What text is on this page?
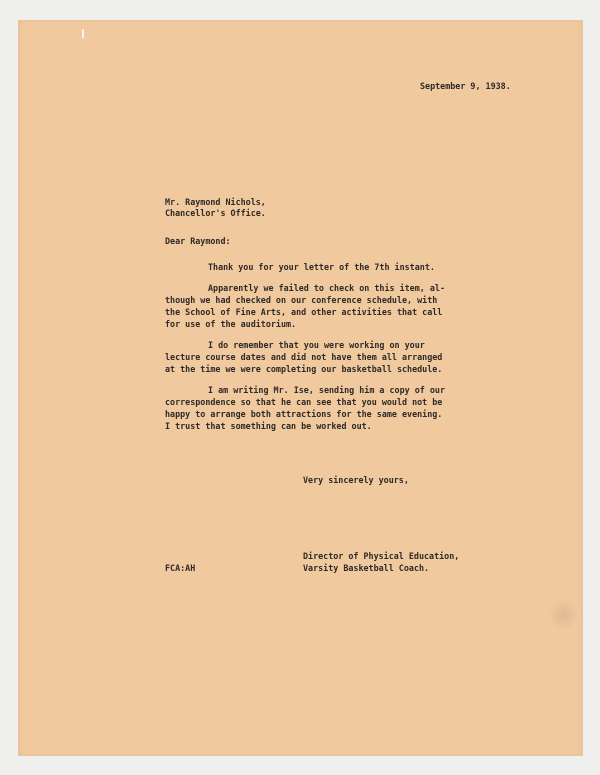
September 9, 1938.

Mr. Raymond Nichols,

Chancellor's Office.

Dear Raymond:

Thank you for your letter of the 7th instant.

Apparently we failed to check on this item, al-

though we had checked on our conference schedule, with

the School of Fine Arts, and other activities that call

for use of the auditorium.

I do remember that you were working on your

lecture course dates and did not have them all arranged

at the time we were completing our basketball schedule.

I am writing Mr. Ise, sending him a copy of our

correspondence so that he can see that you would not be

happy to arrange both attractions for the same evening.

I trust that something can be worked out.

Very sincerely yours,

Director of Physical Education,

Varsity Basketball Coach.

FCA:AH
